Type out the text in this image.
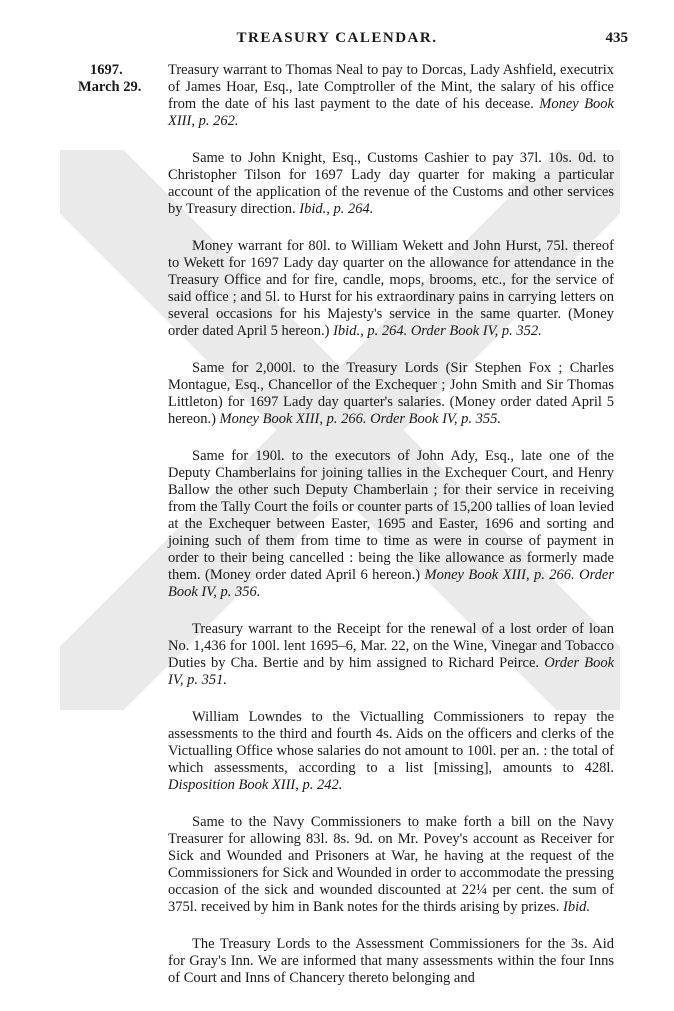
TREASURY CALENDAR.	435
1697.
March 29.

Treasury warrant to Thomas Neal to pay to Dorcas, Lady Ashfield, executrix of James Hoar, Esq., late Comptroller of the Mint, the salary of his office from the date of his last payment to the date of his decease. Money Book XIII, p. 262.

Same to John Knight, Esq., Customs Cashier to pay 37l. 10s. 0d. to Christopher Tilson for 1697 Lady day quarter for making a particular account of the application of the revenue of the Customs and other services by Treasury direction. Ibid., p. 264.

Money warrant for 80l. to William Wekett and John Hurst, 75l. thereof to Wekett for 1697 Lady day quarter on the allowance for attendance in the Treasury Office and for fire, candle, mops, brooms, etc., for the service of said office ; and 5l. to Hurst for his extraordinary pains in carrying letters on several occasions for his Majesty's service in the same quarter. (Money order dated April 5 hereon.) Ibid., p. 264. Order Book IV, p. 352.

Same for 2,000l. to the Treasury Lords (Sir Stephen Fox ; Charles Montague, Esq., Chancellor of the Exchequer ; John Smith and Sir Thomas Littleton) for 1697 Lady day quarter's salaries. (Money order dated April 5 hereon.) Money Book XIII, p. 266. Order Book IV, p. 355.

Same for 190l. to the executors of John Ady, Esq., late one of the Deputy Chamberlains for joining tallies in the Exchequer Court, and Henry Ballow the other such Deputy Chamberlain ; for their service in receiving from the Tally Court the foils or counter parts of 15,200 tallies of loan levied at the Exchequer between Easter, 1695 and Easter, 1696 and sorting and joining such of them from time to time as were in course of payment in order to their being cancelled : being the like allowance as formerly made them. (Money order dated April 6 hereon.) Money Book XIII, p. 266. Order Book IV, p. 356.

Treasury warrant to the Receipt for the renewal of a lost order of loan No. 1,436 for 100l. lent 1695–6, Mar. 22, on the Wine, Vinegar and Tobacco Duties by Cha. Bertie and by him assigned to Richard Peirce. Order Book IV, p. 351.

William Lowndes to the Victualling Commissioners to repay the assessments to the third and fourth 4s. Aids on the officers and clerks of the Victualling Office whose salaries do not amount to 100l. per an. : the total of which assessments, according to a list [missing], amounts to 428l. Disposition Book XIII, p. 242.

Same to the Navy Commissioners to make forth a bill on the Navy Treasurer for allowing 83l. 8s. 9d. on Mr. Povey's account as Receiver for Sick and Wounded and Prisoners at War, he having at the request of the Commissioners for Sick and Wounded in order to accommodate the pressing occasion of the sick and wounded discounted at 22¼ per cent. the sum of 375l. received by him in Bank notes for the thirds arising by prizes. Ibid.

The Treasury Lords to the Assessment Commissioners for the 3s. Aid for Gray's Inn. We are informed that many assessments within the four Inns of Court and Inns of Chancery thereto belonging and
